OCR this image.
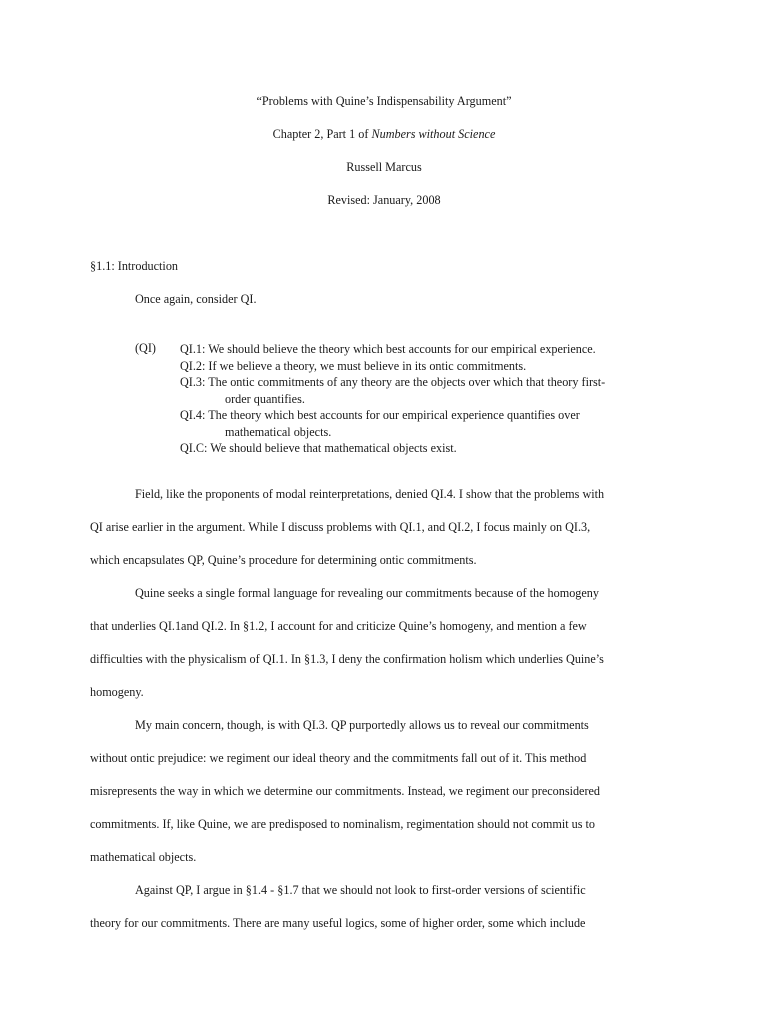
“Problems with Quine’s Indispensability Argument”
Chapter 2, Part 1 of Numbers without Science
Russell Marcus
Revised: January, 2008
§1.1: Introduction
Once again, consider QI.
(QI) QI.1: We should believe the theory which best accounts for our empirical experience.
QI.2: If we believe a theory, we must believe in its ontic commitments.
QI.3: The ontic commitments of any theory are the objects over which that theory first-
order quantifies.
QI.4: The theory which best accounts for our empirical experience quantifies over
mathematical objects.
QI.C: We should believe that mathematical objects exist.
Field, like the proponents of modal reinterpretations, denied QI.4. I show that the problems with
QI arise earlier in the argument. While I discuss problems with QI.1, and QI.2, I focus mainly on QI.3,
which encapsulates QP, Quine’s procedure for determining ontic commitments.
Quine seeks a single formal language for revealing our commitments because of the homogeny
that underlies QI.1and QI.2. In §1.2, I account for and criticize Quine’s homogeny, and mention a few
difficulties with the physicalism of QI.1. In §1.3, I deny the confirmation holism which underlies Quine’s
homogeny.
My main concern, though, is with QI.3. QP purportedly allows us to reveal our commitments
without ontic prejudice: we regiment our ideal theory and the commitments fall out of it. This method
misrepresents the way in which we determine our commitments. Instead, we regiment our preconsidered
commitments. If, like Quine, we are predisposed to nominalism, regimentation should not commit us to
mathematical objects.
Against QP, I argue in §1.4 - §1.7 that we should not look to first-order versions of scientific
theory for our commitments. There are many useful logics, some of higher order, some which include
